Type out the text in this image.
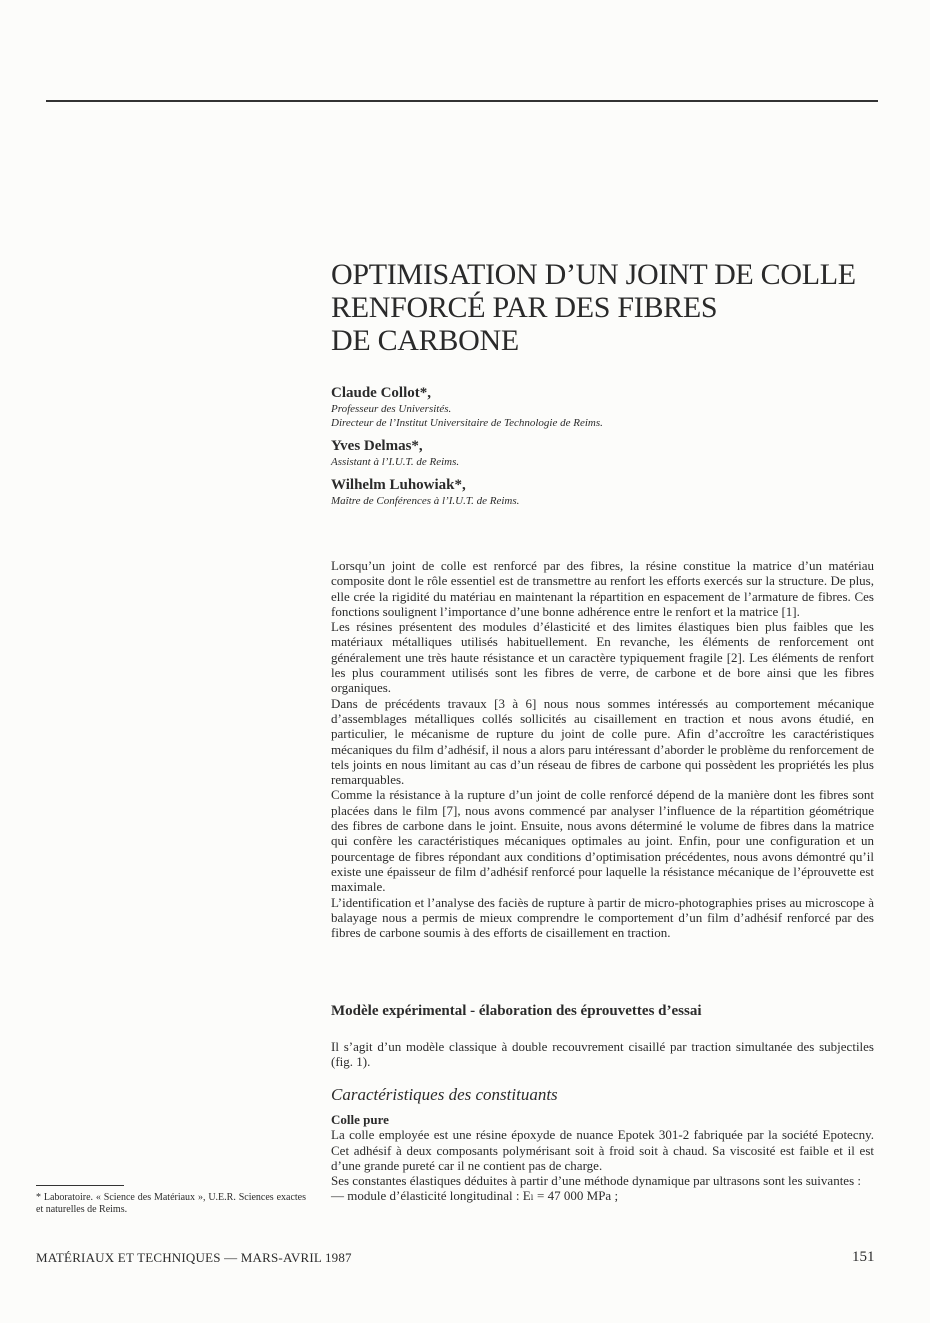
OPTIMISATION D’UN JOINT DE COLLE
RENFORCÉ PAR DES FIBRES
DE CARBONE
Claude Collot*,
Professeur des Universités.
Directeur de l’Institut Universitaire de Technologie de Reims.
Yves Delmas*,
Assistant à l’I.U.T. de Reims.
Wilhelm Luhowiak*,
Maître de Conférences à l’I.U.T. de Reims.

Lorsqu’un joint de colle est renforcé par des fibres, la résine constitue la matrice d’un matériau composite dont le rôle essentiel est de transmettre au renfort les efforts exercés sur la structure. De plus, elle crée la rigidité du matériau en maintenant la répartition en espacement de l’armature de fibres. Ces fonctions soulignent l’importance d’une bonne adhérence entre le renfort et la matrice [1].

Les résines présentent des modules d’élasticité et des limites élastiques bien plus faibles que les matériaux métalliques utilisés habituellement. En revanche, les éléments de renforcement ont généralement une très haute résistance et un caractère typiquement fragile [2]. Les éléments de renfort les plus couramment utilisés sont les fibres de verre, de carbone et de bore ainsi que les fibres organiques.

Dans de précédents travaux [3 à 6] nous nous sommes intéressés au comportement mécanique d’assemblages métalliques collés sollicités au cisaillement en traction et nous avons étudié, en particulier, le mécanisme de rupture du joint de colle pure. Afin d’accroître les caractéristiques mécaniques du film d’adhésif, il nous a alors paru intéressant d’aborder le problème du renforcement de tels joints en nous limitant au cas d’un réseau de fibres de carbone qui possèdent les propriétés les plus remarquables.

Comme la résistance à la rupture d’un joint de colle renforcé dépend de la manière dont les fibres sont placées dans le film [7], nous avons commencé par analyser l’influence de la répartition géométrique des fibres de carbone dans le joint. Ensuite, nous avons déterminé le volume de fibres dans la matrice qui confère les caractéristiques mécaniques optimales au joint. Enfin, pour une configuration et un pourcentage de fibres répondant aux conditions d’optimisation précédentes, nous avons démontré qu’il existe une épaisseur de film d’adhésif renforcé pour laquelle la résistance mécanique de l’éprouvette est maximale.

L’identification et l’analyse des faciès de rupture à partir de micro-photographies prises au microscope à balayage nous a permis de mieux comprendre le comportement d’un film d’adhésif renforcé par des fibres de carbone soumis à des efforts de cisaillement en traction.

Modèle expérimental - élaboration des éprouvettes d’essai

Il s’agit d’un modèle classique à double recouvrement cisaillé par traction simultanée des subjectiles (fig. 1).

Caractéristiques des constituants
Colle pure

La colle employée est une résine époxyde de nuance Epotek 301-2 fabriquée par la société Epotecny. Cet adhésif à deux composants polymérisant soit à froid soit à chaud. Sa viscosité est faible et il est d’une grande pureté car il ne contient pas de charge.

Ses constantes élastiques déduites à partir d’une méthode dynamique par ultrasons sont les suivantes :

— module d’élasticité longitudinal : Eₗ = 47 000 MPa ;

* Laboratoire. « Science des Matériaux », U.E.R. Sciences exactes et naturelles de Reims.
MATÉRIAUX ET TECHNIQUES — MARS-AVRIL 1987	151
